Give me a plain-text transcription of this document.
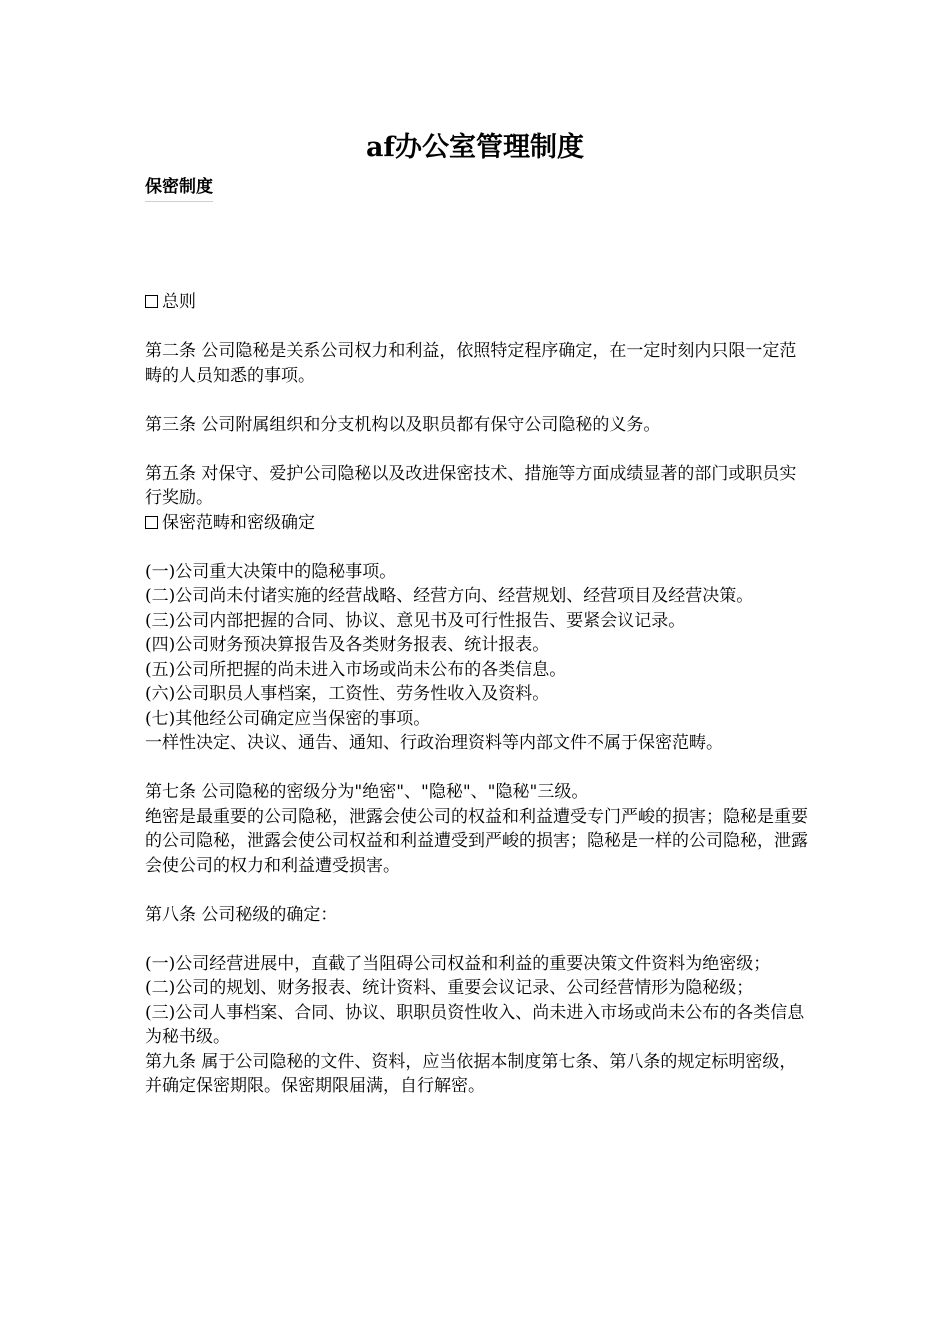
af办公室管理制度
保密制度

总则

第二条 公司隐秘是关系公司权力和利益，依照特定程序确定，在一定时刻内只限一定范畴的人员知悉的事项。

第三条 公司附属组织和分支机构以及职员都有保守公司隐秘的义务。

第五条 对保守、爱护公司隐秘以及改进保密技术、措施等方面成绩显著的部门或职员实行奖励。

保密范畴和密级确定

(一)公司重大决策中的隐秘事项。

(二)公司尚未付诸实施的经营战略、经营方向、经营规划、经营项目及经营决策。

(三)公司内部把握的合同、协议、意见书及可行性报告、要紧会议记录。

(四)公司财务预决算报告及各类财务报表、统计报表。

(五)公司所把握的尚未进入市场或尚未公布的各类信息。

(六)公司职员人事档案，工资性、劳务性收入及资料。

(七)其他经公司确定应当保密的事项。

一样性决定、决议、通告、通知、行政治理资料等内部文件不属于保密范畴。

第七条 公司隐秘的密级分为"绝密"、"隐秘"、"隐秘"三级。

绝密是最重要的公司隐秘，泄露会使公司的权益和利益遭受专门严峻的损害；隐秘是重要的公司隐秘，泄露会使公司权益和利益遭受到严峻的损害；隐秘是一样的公司隐秘，泄露会使公司的权力和利益遭受损害。

第八条 公司秘级的确定：

(一)公司经营进展中，直截了当阻碍公司权益和利益的重要决策文件资料为绝密级；

(二)公司的规划、财务报表、统计资料、重要会议记录、公司经营情形为隐秘级；

(三)公司人事档案、合同、协议、职职员资性收入、尚未进入市场或尚未公布的各类信息为秘书级。

第九条 属于公司隐秘的文件、资料，应当依据本制度第七条、第八条的规定标明密级，并确定保密期限。保密期限届满，自行解密。
